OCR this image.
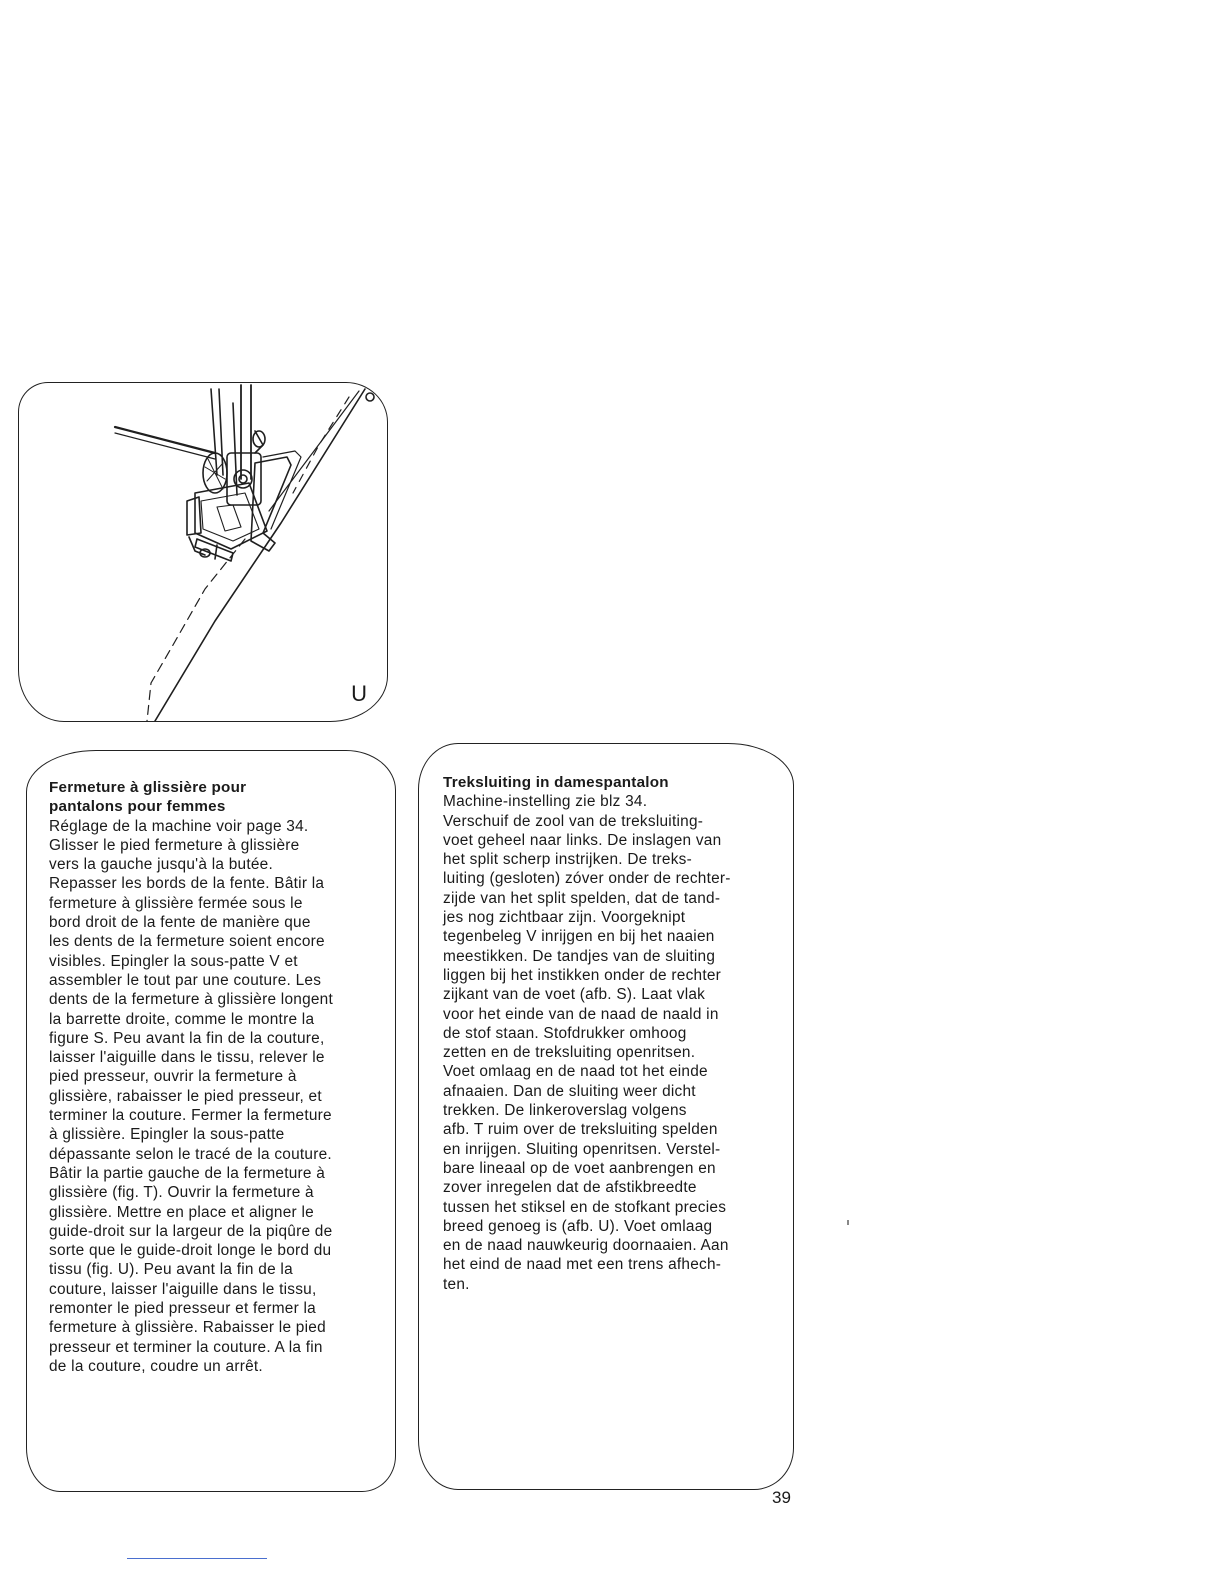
U

Fermeture à glissière pour
pantalons pour femmes

Réglage de la machine voir page 34.
Glisser le pied fermeture à glissière
vers la gauche jusqu'à la butée.
Repasser les bords de la fente. Bâtir la
fermeture à glissière fermée sous le
bord droit de la fente de manière que
les dents de la fermeture soient encore
visibles. Epingler la sous-patte V et
assembler le tout par une couture. Les
dents de la fermeture à glissière longent
la barrette droite, comme le montre la
figure S. Peu avant la fin de la couture,
laisser l'aiguille dans le tissu, relever le
pied presseur, ouvrir la fermeture à
glissière, rabaisser le pied presseur, et
terminer la couture. Fermer la fermeture
à glissière. Epingler la sous-patte
dépassante selon le tracé de la couture.
Bâtir la partie gauche de la fermeture à
glissière (fig. T). Ouvrir la fermeture à
glissière. Mettre en place et aligner le
guide-droit sur la largeur de la piqûre de
sorte que le guide-droit longe le bord du
tissu (fig. U). Peu avant la fin de la
couture, laisser l'aiguille dans le tissu,
remonter le pied presseur et fermer la
fermeture à glissière. Rabaisser le pied
presseur et terminer la couture. A la fin
de la couture, coudre un arrêt.

Treksluiting in damespantalon

Machine-instelling zie blz 34.
Verschuif de zool van de treksluiting-
voet geheel naar links. De inslagen van
het split scherp instrijken. De treks-
luiting (gesloten) zóver onder de rechter-
zijde van het split spelden, dat de tand-
jes nog zichtbaar zijn. Voorgeknipt
tegenbeleg V inrijgen en bij het naaien
meestikken. De tandjes van de sluiting
liggen bij het instikken onder de rechter
zijkant van de voet (afb. S). Laat vlak
voor het einde van de naad de naald in
de stof staan. Stofdrukker omhoog
zetten en de treksluiting openritsen.
Voet omlaag en de naad tot het einde
afnaaien. Dan de sluiting weer dicht
trekken. De linkeroverslag volgens
afb. T ruim over de treksluiting spelden
en inrijgen. Sluiting openritsen. Verstel-
bare lineaal op de voet aanbrengen en
zover inregelen dat de afstikbreedte
tussen het stiksel en de stofkant precies
breed genoeg is (afb. U). Voet omlaag
en de naad nauwkeurig doornaaien. Aan
het eind de naad met een trens afhech-
ten.
39
